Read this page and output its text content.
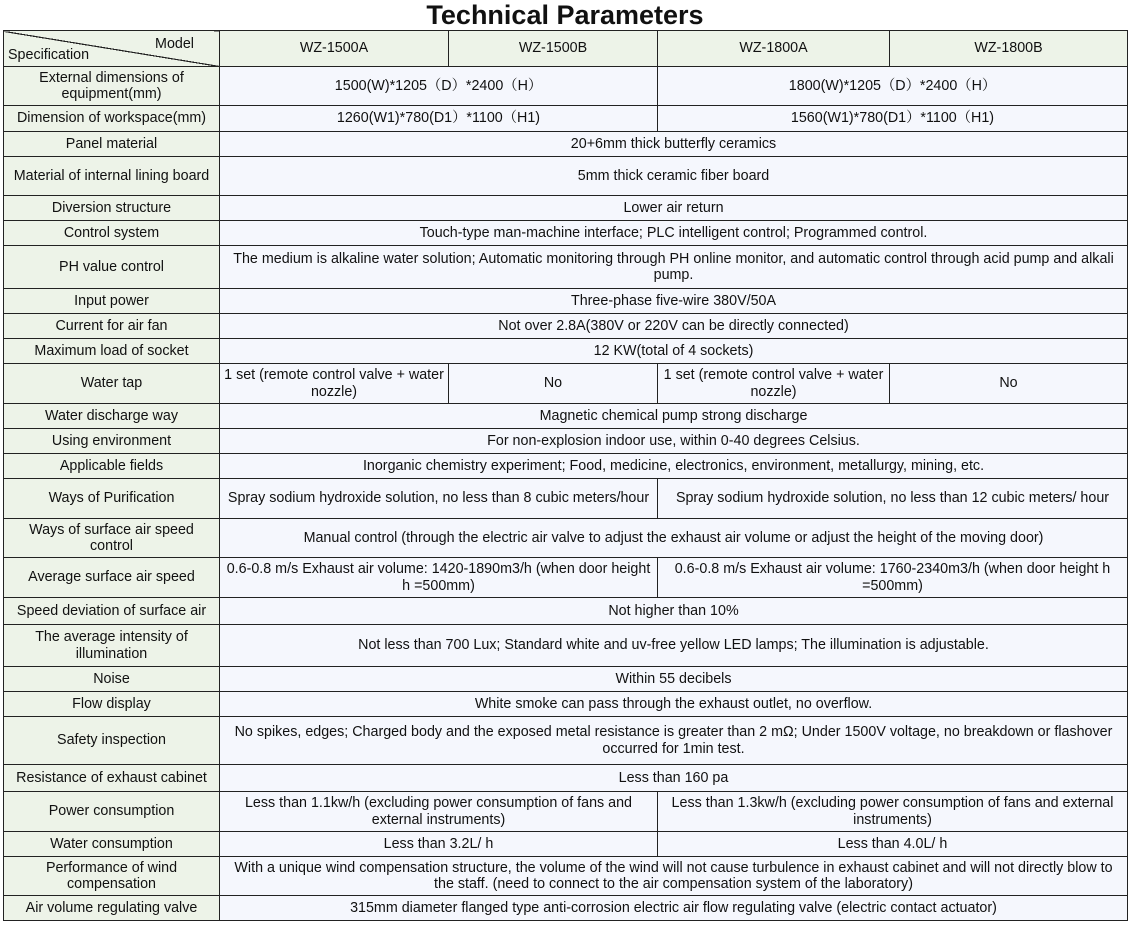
Technical Parameters
Model
Specification	WZ-1500A	WZ-1500B	WZ-1800A	WZ-1800B
External dimensions of equipment(mm)	1500(W)*1205（D）*2400（H）		1800(W)*1205（D）*2400（H）	
Dimension of workspace(mm)	1260(W1)*780(D1）*1100（H1)		1560(W1)*780(D1）*1100（H1)	
Panel material	20+6mm thick butterfly ceramics			
Material of internal lining board	5mm thick ceramic fiber board			
Diversion structure	Lower air return			
Control system	Touch-type man-machine interface; PLC intelligent control; Programmed control.			
PH value control	The medium is alkaline water solution; Automatic monitoring through PH online monitor, and automatic control through acid pump and alkali pump.			
Input power	Three-phase five-wire 380V/50A			
Current for air fan	Not over 2.8A(380V or 220V can be directly connected)			
Maximum load of socket	12 KW(total of 4 sockets)			
Water tap	1 set (remote control valve + water nozzle)	No	1 set (remote control valve + water nozzle)	No
Water discharge way	Magnetic chemical pump strong discharge			
Using environment	For non-explosion indoor use, within 0-40 degrees Celsius.			
Applicable fields	Inorganic chemistry experiment; Food, medicine, electronics, environment, metallurgy, mining, etc.			
Ways of Purification	Spray sodium hydroxide solution, no less than 8 cubic meters/hour		Spray sodium hydroxide solution, no less than 12 cubic meters/ hour	
Ways of surface air speed control	Manual control (through the electric air valve to adjust the exhaust air volume or adjust the height of the moving door)			
Average surface air speed	0.6-0.8 m/s Exhaust air volume: 1420-1890m3/h (when door height h =500mm)		0.6-0.8 m/s Exhaust air volume: 1760-2340m3/h (when door height h =500mm)	
Speed deviation of surface air	Not higher than 10%			
The average intensity of illumination	Not less than 700 Lux; Standard white and uv-free yellow LED lamps; The illumination is adjustable.			
Noise	Within 55 decibels			
Flow display	White smoke can pass through the exhaust outlet, no overflow.			
Safety inspection	No spikes, edges; Charged body and the exposed metal resistance is greater than 2 mΩ; Under 1500V voltage, no breakdown or flashover occurred for 1min test.			
Resistance of exhaust cabinet	Less than 160 pa			
Power consumption	Less than 1.1kw/h (excluding power consumption of fans and external instruments)		Less than 1.3kw/h (excluding power consumption of fans and external instruments)	
Water consumption	Less than 3.2L/ h		Less than 4.0L/ h	
Performance of wind compensation	With a unique wind compensation structure, the volume of the wind will not cause turbulence in exhaust cabinet and will not directly blow to the staff. (need to connect to the air compensation system of the laboratory)			
Air volume regulating valve	315mm diameter flanged type anti-corrosion electric air flow regulating valve (electric contact actuator)			
